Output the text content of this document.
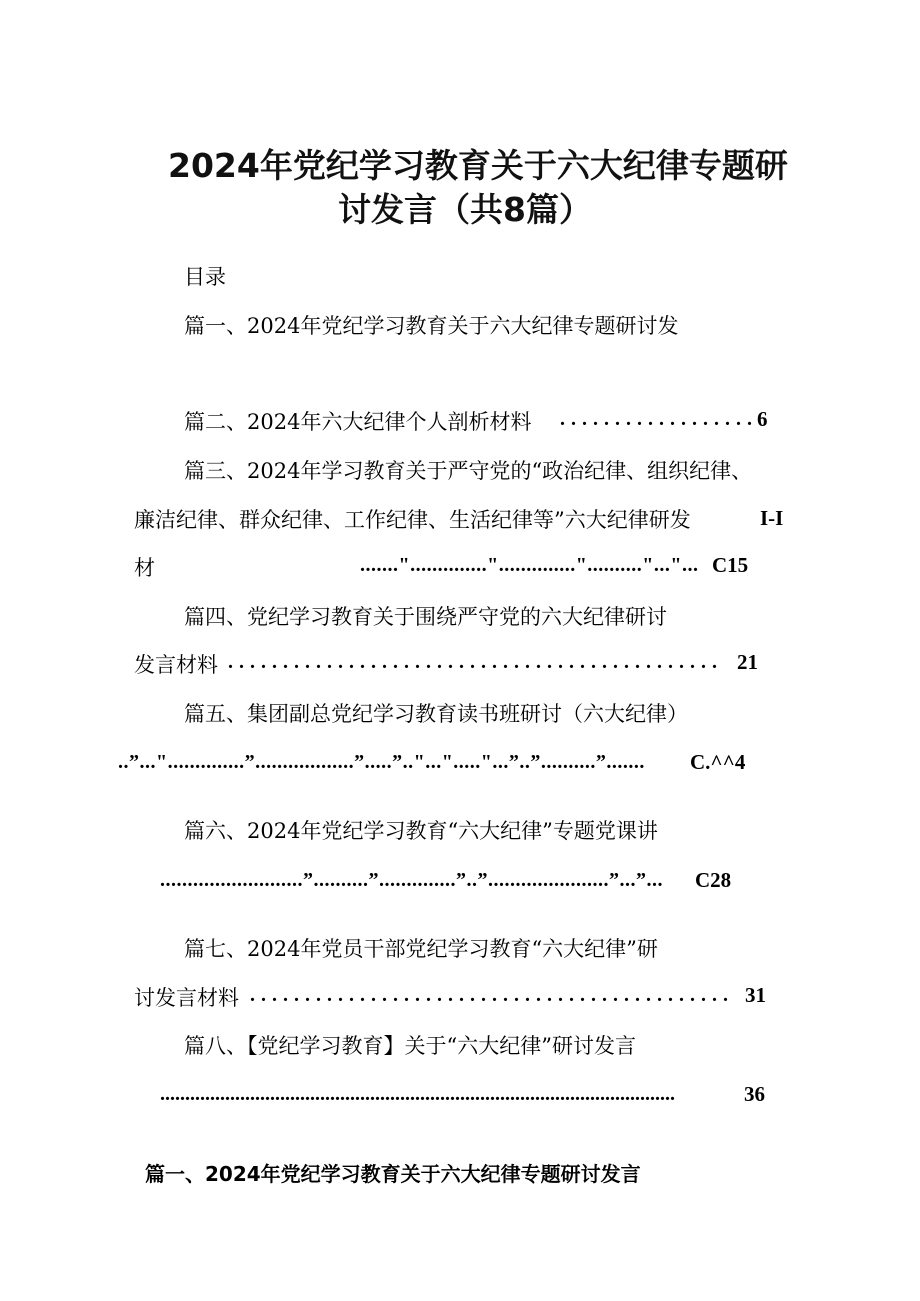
2024年党纪学习教育关于六大纪律专题研
讨发言（共8篇）
目录
篇一、2024年党纪学习教育关于六大纪律专题研讨发
篇二、2024年六大纪律个人剖析材料 . . . . . . . . . . . . . . . . . . 6
篇三、2024年学习教育关于严守党的“政治纪律、组织纪律、
廉洁纪律、群众纪律、工作纪律、生活纪律等”六大纪律研发	I-I
材	.......".............."..............".........."..."... C15
篇四、党纪学习教育关于围绕严守党的六大纪律研讨
发言材料 . . . . . . . . . . . . . . . . . . . . . . . . . . . . . . . . . . . . . . . . . . . . . 21
篇五、集团副总党纪学习教育读书班研讨（六大纪律）
..”..."..............”..................”.....”.."..."....."...”..”..........”....... C.^^4
篇六、2024年党纪学习教育“六大纪律”专题党课讲
..........................”..........”..............”..”......................”...”... C28
篇七、2024年党员干部党纪学习教育“六大纪律”研
讨发言材料 . . . . . . . . . . . . . . . . . . . . . . . . . . . . . . . . . . . . . . . . . . . . 31
篇八、【党纪学习教育】关于“六大纪律”研讨发言
.......................................................................................................	36
篇一、2024年党纪学习教育关于六大纪律专题研讨发言
